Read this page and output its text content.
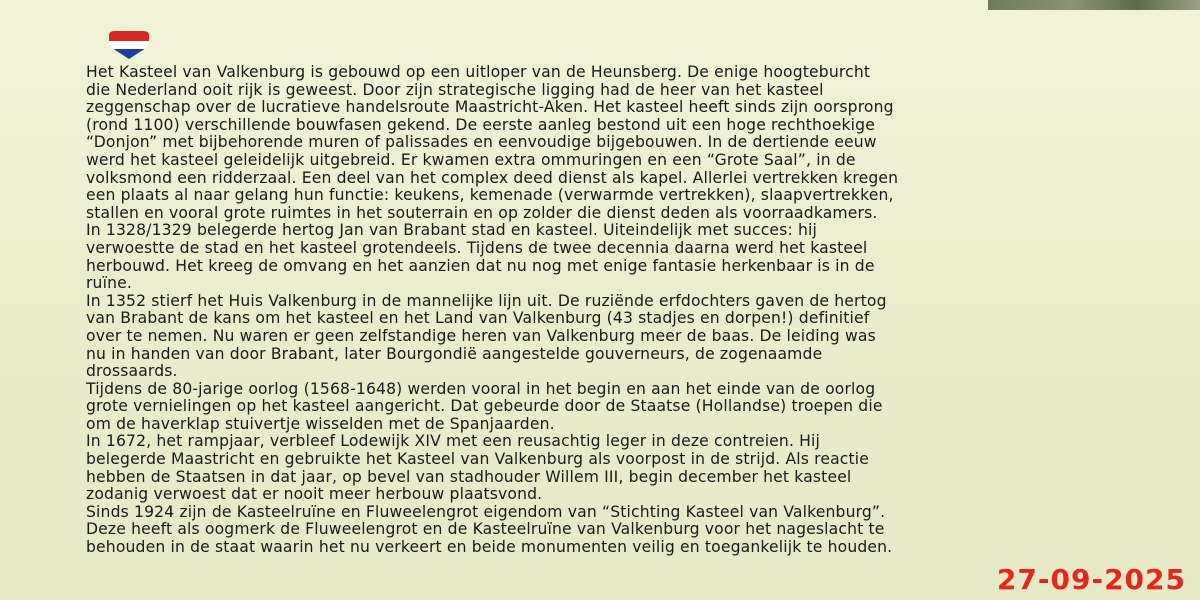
Het Kasteel van Valkenburg is gebouwd op een uitloper van de Heunsberg. De enige hoogteburcht
die Nederland ooit rijk is geweest. Door zijn strategische ligging had de heer van het kasteel
zeggenschap over de lucratieve handelsroute Maastricht-Aken. Het kasteel heeft sinds zijn oorsprong
(rond 1100) verschillende bouwfasen gekend. De eerste aanleg bestond uit een hoge rechthoekige
“Donjon” met bijbehorende muren of palissades en eenvoudige bijgebouwen. In de dertiende eeuw
werd het kasteel geleidelijk uitgebreid. Er kwamen extra ommuringen en een “Grote Saal”, in de
volksmond een ridderzaal. Een deel van het complex deed dienst als kapel. Allerlei vertrekken kregen
een plaats al naar gelang hun functie: keukens, kemenade (verwarmde vertrekken), slaapvertrekken,
stallen en vooral grote ruimtes in het souterrain en op zolder die dienst deden als voorraadkamers.
In 1328/1329 belegerde hertog Jan van Brabant stad en kasteel. Uiteindelijk met succes: hij
verwoestte de stad en het kasteel grotendeels. Tijdens de twee decennia daarna werd het kasteel
herbouwd. Het kreeg de omvang en het aanzien dat nu nog met enige fantasie herkenbaar is in de
ruïne.
In 1352 stierf het Huis Valkenburg in de mannelijke lijn uit. De ruziënde erfdochters gaven de hertog
van Brabant de kans om het kasteel en het Land van Valkenburg (43 stadjes en dorpen!) definitief
over te nemen. Nu waren er geen zelfstandige heren van Valkenburg meer de baas. De leiding was
nu in handen van door Brabant, later Bourgondië aangestelde gouverneurs, de zogenaamde
drossaards.
Tijdens de 80-jarige oorlog (1568-1648) werden vooral in het begin en aan het einde van de oorlog
grote vernielingen op het kasteel aangericht. Dat gebeurde door de Staatse (Hollandse) troepen die
om de haverklap stuivertje wisselden met de Spanjaarden.
In 1672, het rampjaar, verbleef Lodewijk XIV met een reusachtig leger in deze contreien. Hij
belegerde Maastricht en gebruikte het Kasteel van Valkenburg als voorpost in de strijd. Als reactie
hebben de Staatsen in dat jaar, op bevel van stadhouder Willem III, begin december het kasteel
zodanig verwoest dat er nooit meer herbouw plaatsvond.
Sinds 1924 zijn de Kasteelruïne en Fluweelengrot eigendom van “Stichting Kasteel van Valkenburg”.
Deze heeft als oogmerk de Fluweelengrot en de Kasteelruïne van Valkenburg voor het nageslacht te
behouden in de staat waarin het nu verkeert en beide monumenten veilig en toegankelijk te houden.
27-09-2025
